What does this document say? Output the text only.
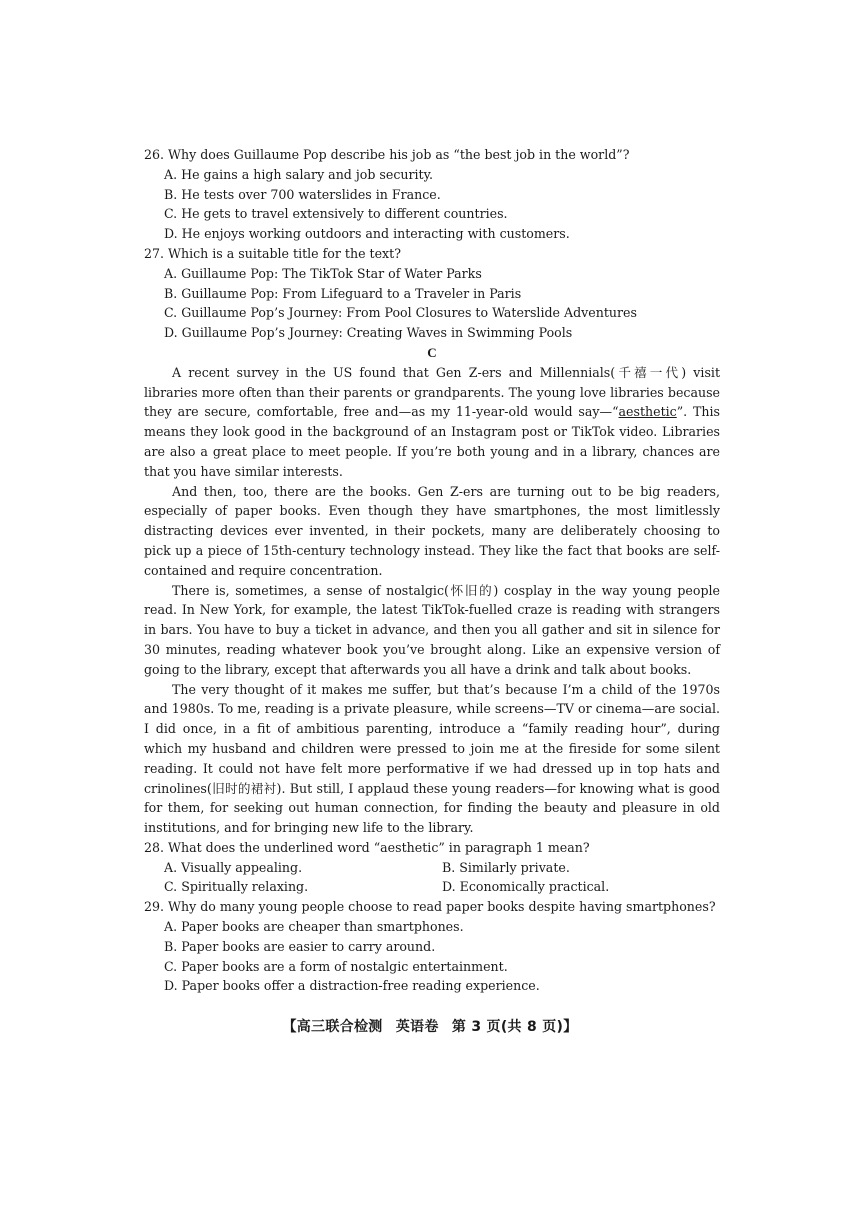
26. Why does Guillaume Pop describe his job as “the best job in the world”?

A. He gains a high salary and job security.

B. He tests over 700 waterslides in France.

C. He gets to travel extensively to different countries.

D. He enjoys working outdoors and interacting with customers.

27. Which is a suitable title for the text?

A. Guillaume Pop: The TikTok Star of Water Parks

B. Guillaume Pop: From Lifeguard to a Traveler in Paris

C. Guillaume Pop’s Journey: From Pool Closures to Waterslide Adventures

D. Guillaume Pop’s Journey: Creating Waves in Swimming Pools

C

A recent survey in the US found that Gen Z-ers and Millennials(千禧一代) visit libraries more often than their parents or grandparents. The young love libraries because they are secure, comfortable, free and—as my 11-year-old would say—“aesthetic”. This means they look good in the background of an Instagram post or TikTok video. Libraries are also a great place to meet people. If you’re both young and in a library, chances are that you have similar interests.

And then, too, there are the books. Gen Z-ers are turning out to be big readers, especially of paper books. Even though they have smartphones, the most limitlessly distracting devices ever invented, in their pockets, many are deliberately choosing to pick up a piece of 15th-century technology instead. They like the fact that books are self-contained and require concentration.

There is, sometimes, a sense of nostalgic(怀旧的) cosplay in the way young people read. In New York, for example, the latest TikTok-fuelled craze is reading with strangers in bars. You have to buy a ticket in advance, and then you all gather and sit in silence for 30 minutes, reading whatever book you’ve brought along. Like an expensive version of going to the library, except that afterwards you all have a drink and talk about books.

The very thought of it makes me suffer, but that’s because I’m a child of the 1970s and 1980s. To me, reading is a private pleasure, while screens—TV or cinema—are social. I did once, in a fit of ambitious parenting, introduce a “family reading hour”, during which my husband and children were pressed to join me at the fireside for some silent reading. It could not have felt more performative if we had dressed up in top hats and crinolines(旧时的裙衬). But still, I applaud these young readers—for knowing what is good for them, for seeking out human connection, for finding the beauty and pleasure in old institutions, and for bringing new life to the library.

28. What does the underlined word “aesthetic” in paragraph 1 mean?

A. Visually appealing.	B. Similarly private.
C. Spiritually relaxing.	D. Economically practical.

29. Why do many young people choose to read paper books despite having smartphones?

A. Paper books are cheaper than smartphones.

B. Paper books are easier to carry around.

C. Paper books are a form of nostalgic entertainment.

D. Paper books offer a distraction-free reading experience.

【高三联合检测 英语卷 第 3 页(共 8 页)】
